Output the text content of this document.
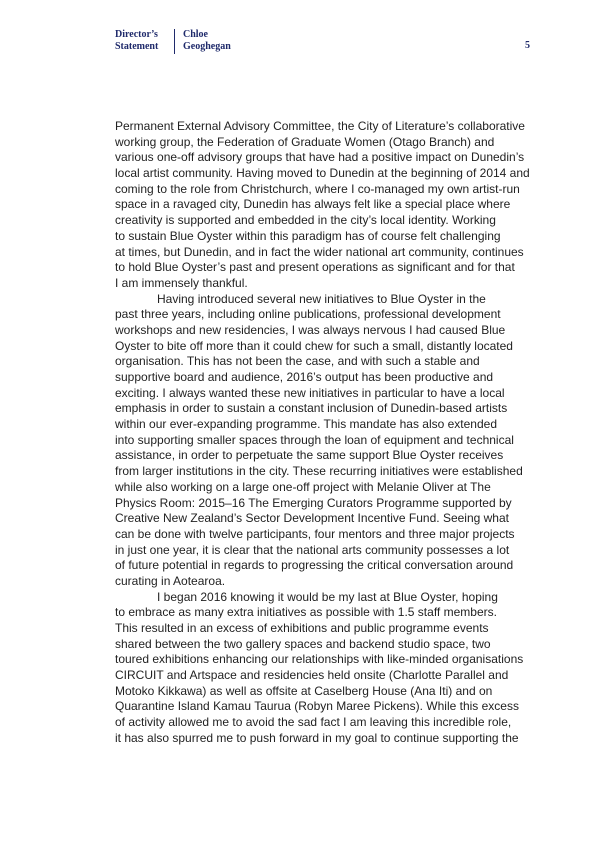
Director’s
Statement
Chloe
Geoghegan	5
Permanent External Advisory Committee, the City of Literature’s collaborative
working group, the Federation of Graduate Women (Otago Branch) and
various one-off advisory groups that have had a positive impact on Dunedin’s
local artist community. Having moved to Dunedin at the beginning of 2014 and
coming to the role from Christchurch, where I co-managed my own artist-run
space in a ravaged city, Dunedin has always felt like a special place where
creativity is supported and embedded in the city’s local identity. Working
to sustain Blue Oyster within this paradigm has of course felt challenging
at times, but Dunedin, and in fact the wider national art community, continues
to hold Blue Oyster’s past and present operations as significant and for that
I am immensely thankful.
Having introduced several new initiatives to Blue Oyster in the
past three years, including online publications, professional development
workshops and new residencies, I was always nervous I had caused Blue
Oyster to bite off more than it could chew for such a small, distantly located
organisation. This has not been the case, and with such a stable and
supportive board and audience, 2016’s output has been productive and
exciting. I always wanted these new initiatives in particular to have a local
emphasis in order to sustain a constant inclusion of Dunedin-based artists
within our ever-expanding programme. This mandate has also extended
into supporting smaller spaces through the loan of equipment and technical
assistance, in order to perpetuate the same support Blue Oyster receives
from larger institutions in the city. These recurring initiatives were established
while also working on a large one-off project with Melanie Oliver at The
Physics Room: 2015–16 The Emerging Curators Programme supported by
Creative New Zealand’s Sector Development Incentive Fund. Seeing what
can be done with twelve participants, four mentors and three major projects
in just one year, it is clear that the national arts community possesses a lot
of future potential in regards to progressing the critical conversation around
curating in Aotearoa.
I began 2016 knowing it would be my last at Blue Oyster, hoping
to embrace as many extra initiatives as possible with 1.5 staff members.
This resulted in an excess of exhibitions and public programme events
shared between the two gallery spaces and backend studio space, two
toured exhibitions enhancing our relationships with like-minded organisations
CIRCUIT and Artspace and residencies held onsite (Charlotte Parallel and
Motoko Kikkawa) as well as offsite at Caselberg House (Ana Iti) and on
Quarantine Island Kamau Taurua (Robyn Maree Pickens). While this excess
of activity allowed me to avoid the sad fact I am leaving this incredible role,
it has also spurred me to push forward in my goal to continue supporting the
